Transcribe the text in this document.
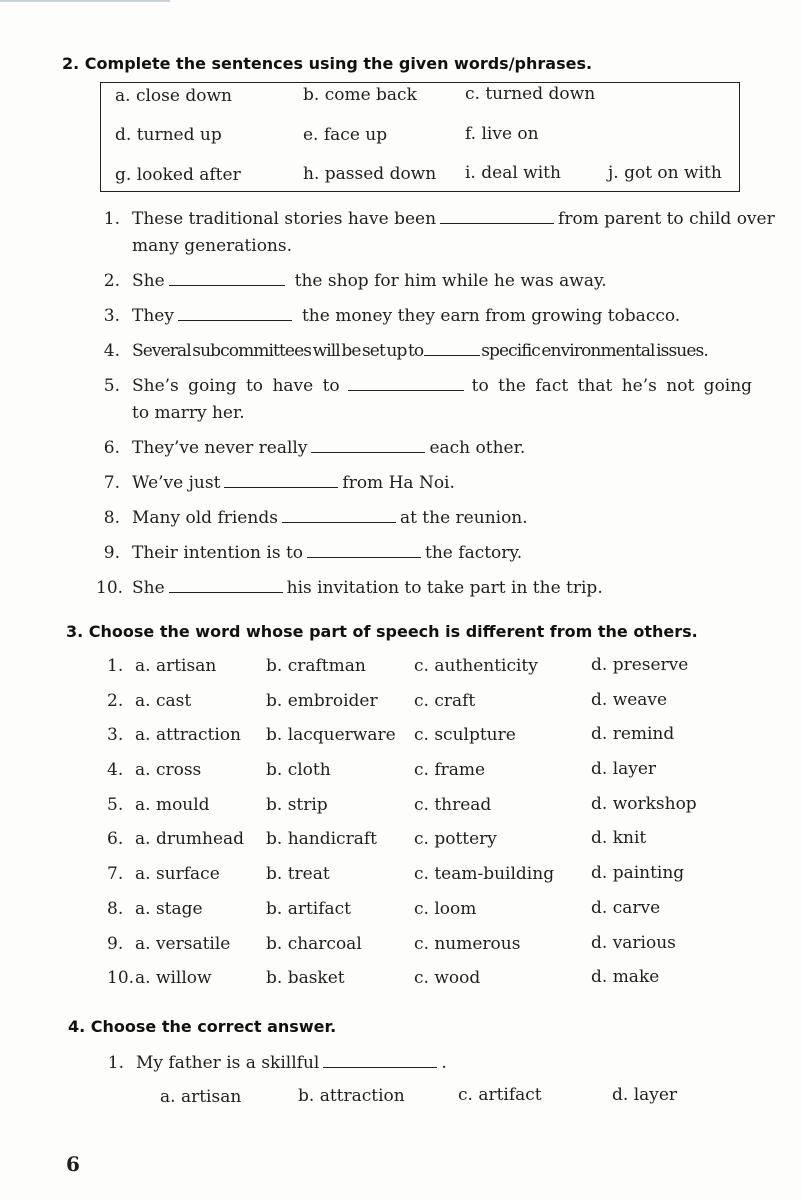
2. Complete the sentences using the given words/phrases.
a. close down	b. come back	c. turned down
d. turned up	e. face up	f. live on
g. looked after	h. passed down i. deal with	j. got on with
1. These traditional stories have been	from parent to child over
many generations.
2. She	the shop for him while he was away.
3. They	the money they earn from growing tobacco.
4. Several subcommittees will be set up to	specific environmental issues.
5. She’s going to have to	to the fact that he’s not going
to marry her.
6. They’ve never really	each other.
7. We’ve just	from Ha Noi.
8. Many old friends	at the reunion.
9. Their intention is to	the factory.
10. She	his invitation to take part in the trip.
3. Choose the word whose part of speech is different from the others.
1. a. artisan	b. craftman	c. authenticity	d. preserve
2. a. cast	b. embroider c. craft	d. weave
3. a. attraction b. lacquerware c. sculpture	d. remind
4. a. cross	b. cloth	c. frame	d. layer
5. a. mould	b. strip	c. thread	d. workshop
6. a. drumhead b. handicraft c. pottery	d. knit
7. a. surface	b. treat	c. team-building d. painting
8. a. stage	b. artifact	c. loom	d. carve
9. a. versatile b. charcoal	c. numerous	d. various
10. a. willow	b. basket	c. wood	d. make
4. Choose the correct answer.
1. My father is a skillful	.
a. artisan	b. attraction	c. artifact	d. layer
6
